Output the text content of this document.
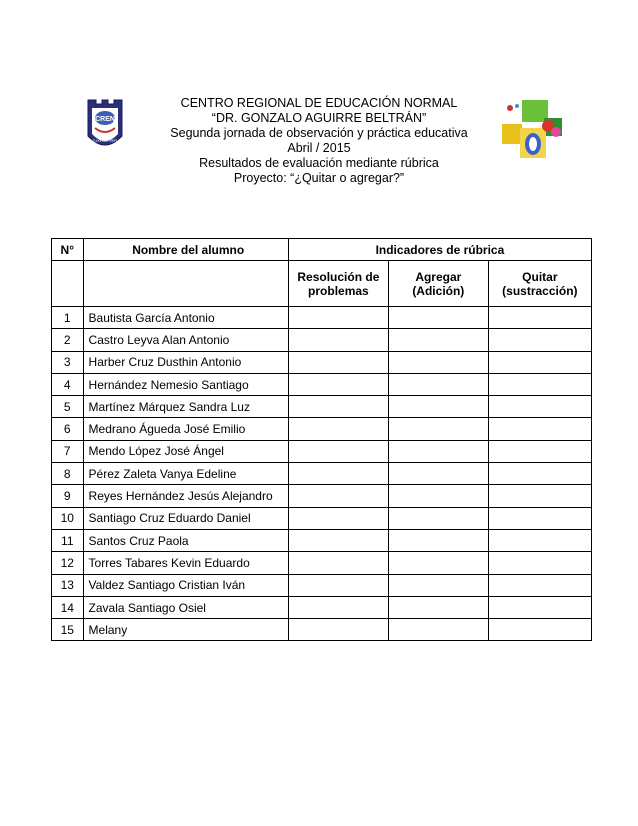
CREN
TUXPAN VER.
CENTRO REGIONAL DE EDUCACIÓN NORMAL
“DR. GONZALO AGUIRRE BELTRÁN”
Segunda jornada de observación y práctica educativa
Abril / 2015
Resultados de evaluación mediante rúbrica
Proyecto: “¿Quitar o agregar?”
N°	Nombre del alumno	Indicadores de rúbrica		
		Resolución de problemas	Agregar (Adición)	Quitar (sustracción)
1	Bautista García Antonio			
2	Castro Leyva Alan Antonio			
3	Harber Cruz Dusthin Antonio			
4	Hernández Nemesio Santiago			
5	Martínez Márquez Sandra Luz			
6	Medrano Águeda José Emilio			
7	Mendo López José Ángel			
8	Pérez Zaleta Vanya Edeline			
9	Reyes Hernández Jesús Alejandro			
10	Santiago Cruz Eduardo Daniel			
11	Santos Cruz Paola			
12	Torres Tabares Kevin Eduardo			
13	Valdez Santiago Cristian Iván			
14	Zavala Santiago Osiel			
15	Melany			
